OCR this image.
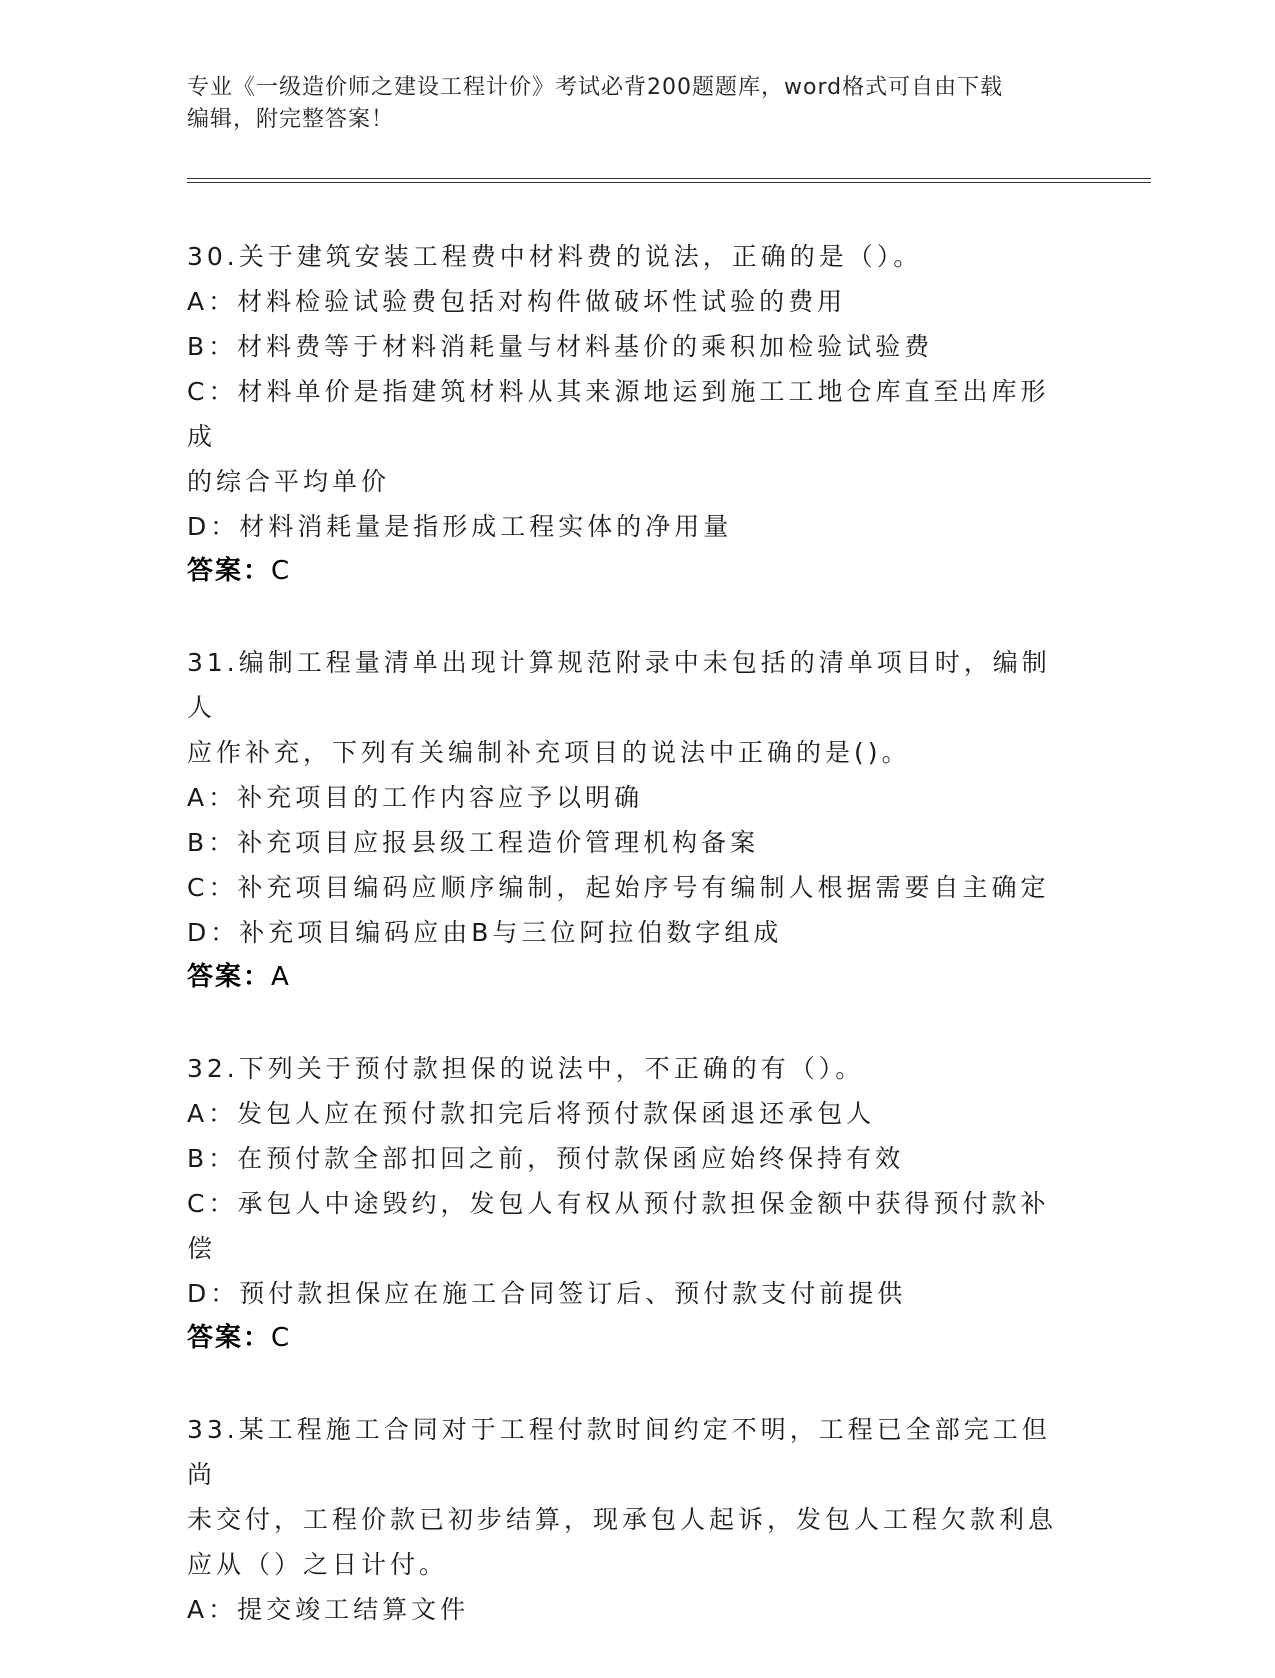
专业《一级造价师之建设工程计价》考试必背200题题库，word格式可自由下载
编辑，附完整答案！

30.关于建筑安装工程费中材料费的说法，正确的是（）。

A：材料检验试验费包括对构件做破坏性试验的费用

B：材料费等于材料消耗量与材料基价的乘积加检验试验费

C：材料单价是指建筑材料从其来源地运到施工工地仓库直至出库形成

的综合平均单价

D：材料消耗量是指形成工程实体的净用量

答案：C

31.编制工程量清单出现计算规范附录中未包括的清单项目时，编制人

应作补充，下列有关编制补充项目的说法中正确的是()。

A：补充项目的工作内容应予以明确

B：补充项目应报县级工程造价管理机构备案

C：补充项目编码应顺序编制，起始序号有编制人根据需要自主确定

D：补充项目编码应由B与三位阿拉伯数字组成

答案：A

32.下列关于预付款担保的说法中，不正确的有（）。

A：发包人应在预付款扣完后将预付款保函退还承包人

B：在预付款全部扣回之前，预付款保函应始终保持有效

C：承包人中途毁约，发包人有权从预付款担保金额中获得预付款补偿

D：预付款担保应在施工合同签订后、预付款支付前提供

答案：C

33.某工程施工合同对于工程付款时间约定不明，工程已全部完工但尚

未交付，工程价款已初步结算，现承包人起诉，发包人工程欠款利息

应从（）之日计付。

A：提交竣工结算文件
